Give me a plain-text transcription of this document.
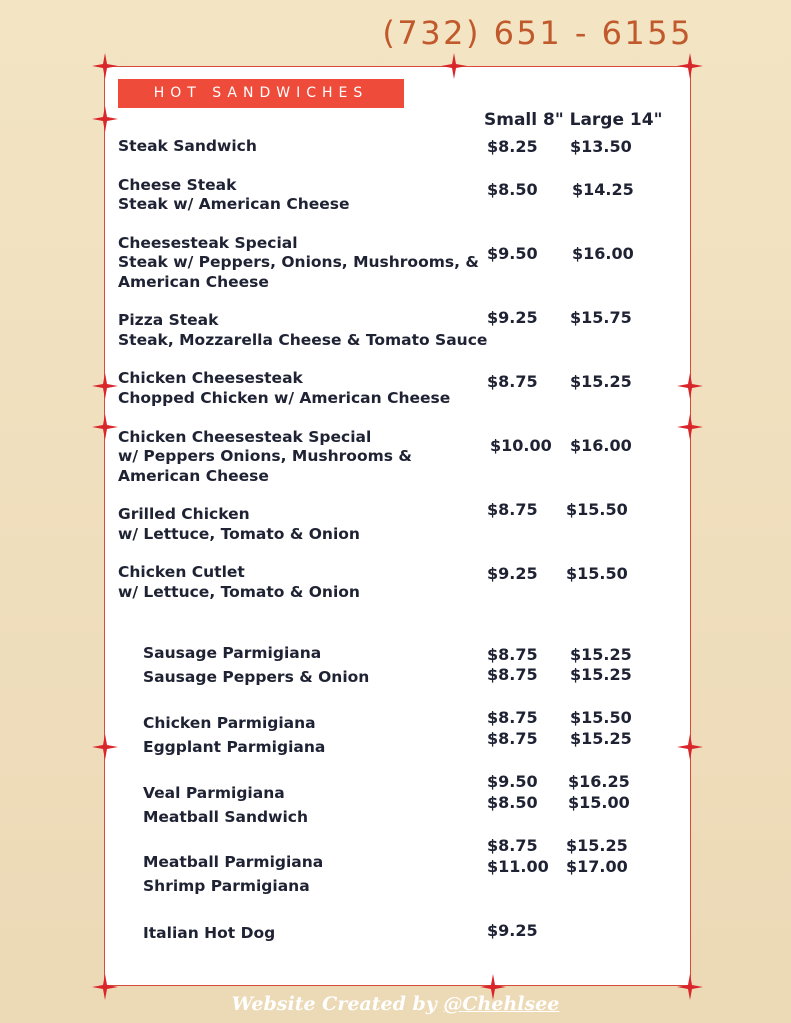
(732) 651 - 6155
HOT SANDWICHES
Small 8" Large 14"
Steak Sandwich	$8.25 $13.50
Cheese Steak
Steak w/ American Cheese
$8.50 $14.25
Cheesesteak Special
Steak w/ Peppers, Onions, Mushrooms, &
American Cheese
$9.50 $16.00
Pizza Steak
Steak, Mozzarella Cheese & Tomato Sauce
$9.25 $15.75
Chicken Cheesesteak
Chopped Chicken w/ American Cheese
$8.75 $15.25
Chicken Cheesesteak Special
w/ Peppers Onions, Mushrooms &
American Cheese
$10.00 $16.00
Grilled Chicken
w/ Lettuce, Tomato & Onion
$8.75 $15.50
Chicken Cutlet
w/ Lettuce, Tomato & Onion
$9.25 $15.50
Sausage Parmigiana
Sausage Peppers & Onion
$8.75 $15.25
$8.75 $15.25
Chicken Parmigiana
Eggplant Parmigiana
$8.75 $15.50
$8.75 $15.25
Veal Parmigiana
Meatball Sandwich
$9.50 $16.25
$8.50 $15.00
Meatball Parmigiana
Shrimp Parmigiana
$8.75 $15.25
$11.00 $17.00
Italian Hot Dog	$9.25
Website Created by @Chehlsee
